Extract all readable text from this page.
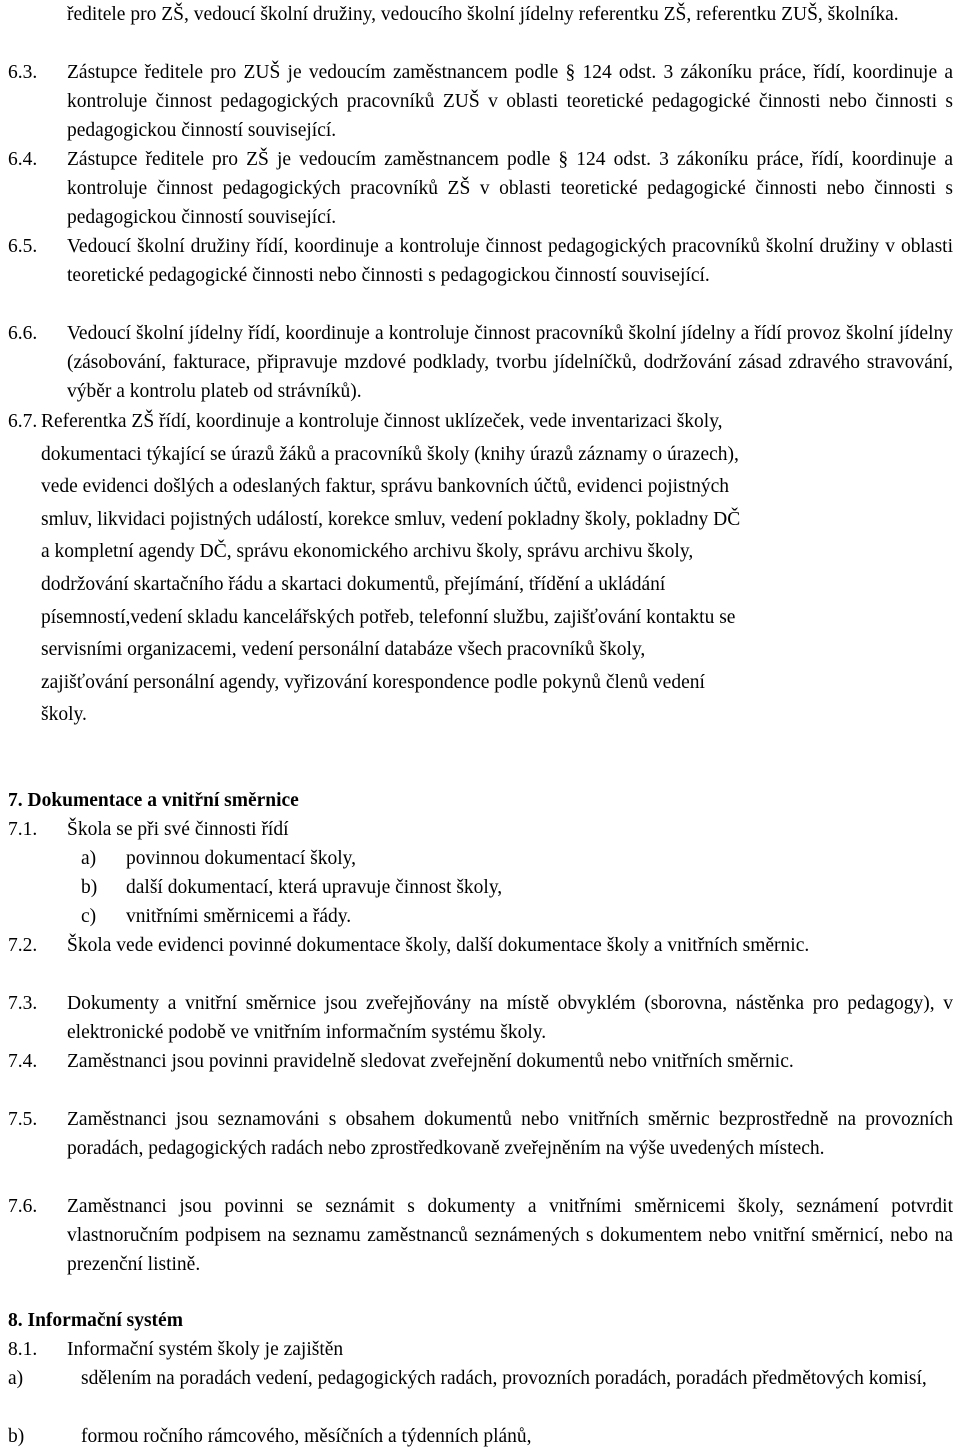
ředitele pro ZŠ, vedoucí školní družiny, vedoucího školní jídelny referentku ZŠ, referentku ZUŠ, školníka.
6.3. Zástupce ředitele pro ZUŠ je vedoucím zaměstnancem podle § 124 odst. 3 zákoníku práce, řídí, koordinuje a kontroluje činnost pedagogických pracovníků ZUŠ v oblasti teoretické pedagogické činnosti nebo činnosti s pedagogickou činností související.
6.4. Zástupce ředitele pro ZŠ je vedoucím zaměstnancem podle § 124 odst. 3 zákoníku práce, řídí, koordinuje a kontroluje činnost pedagogických pracovníků ZŠ v oblasti teoretické pedagogické činnosti nebo činnosti s pedagogickou činností související.
6.5. Vedoucí školní družiny řídí, koordinuje a kontroluje činnost pedagogických pracovníků školní družiny v oblasti teoretické pedagogické činnosti nebo činnosti s pedagogickou činností související.
6.6. Vedoucí školní jídelny řídí, koordinuje a kontroluje činnost pracovníků školní jídelny a řídí provoz školní jídelny (zásobování, fakturace, připravuje mzdové podklady, tvorbu jídelníčků, dodržování zásad zdravého stravování, výběr a kontrolu plateb od strávníků).
6.7. Referentka ZŠ řídí, koordinuje a kontroluje činnost uklízeček, vede inventarizaci školy,
dokumentaci týkající se úrazů žáků a pracovníků školy (knihy úrazů záznamy o úrazech),
vede evidenci došlých a odeslaných faktur, správu bankovních účtů, evidenci pojistných
smluv, likvidaci pojistných událostí, korekce smluv, vedení pokladny školy, pokladny DČ
a kompletní agendy DČ, správu ekonomického archivu školy, správu archivu školy,
dodržování skartačního řádu a skartaci dokumentů, přejímání, třídění a ukládání
písemností,vedení skladu kancelářských potřeb, telefonní službu, zajišťování kontaktu se
servisními organizacemi, vedení personální databáze všech pracovníků školy,
zajišťování personální agendy, vyřizování korespondence podle pokynů členů vedení
školy.
7. Dokumentace a vnitřní směrnice
7.1. Škola se při své činnosti řídí
a) povinnou dokumentací školy,
b) další dokumentací, která upravuje činnost školy,
c) vnitřními směrnicemi a řády.
7.2. Škola vede evidenci povinné dokumentace školy, další dokumentace školy a vnitřních směrnic.
7.3. Dokumenty a vnitřní směrnice jsou zveřejňovány na místě obvyklém (sborovna, nástěnka pro pedagogy), v elektronické podobě ve vnitřním informačním systému školy.
7.4. Zaměstnanci jsou povinni pravidelně sledovat zveřejnění dokumentů nebo vnitřních směrnic.
7.5. Zaměstnanci jsou seznamováni s obsahem dokumentů nebo vnitřních směrnic bezprostředně na provozních poradách, pedagogických radách nebo zprostředkovaně zveřejněním na výše uvedených místech.
7.6. Zaměstnanci jsou povinni se seznámit s dokumenty a vnitřními směrnicemi školy, seznámení potvrdit vlastnoručním podpisem na seznamu zaměstnanců seznámených s dokumentem nebo vnitřní směrnicí, nebo na prezenční listině.
8. Informační systém
8.1. Informační systém školy je zajištěn
a)	sdělením na poradách vedení, pedagogických radách, provozních poradách, poradách předmětových komisí,
b)	formou ročního rámcového, měsíčních a týdenních plánů,
